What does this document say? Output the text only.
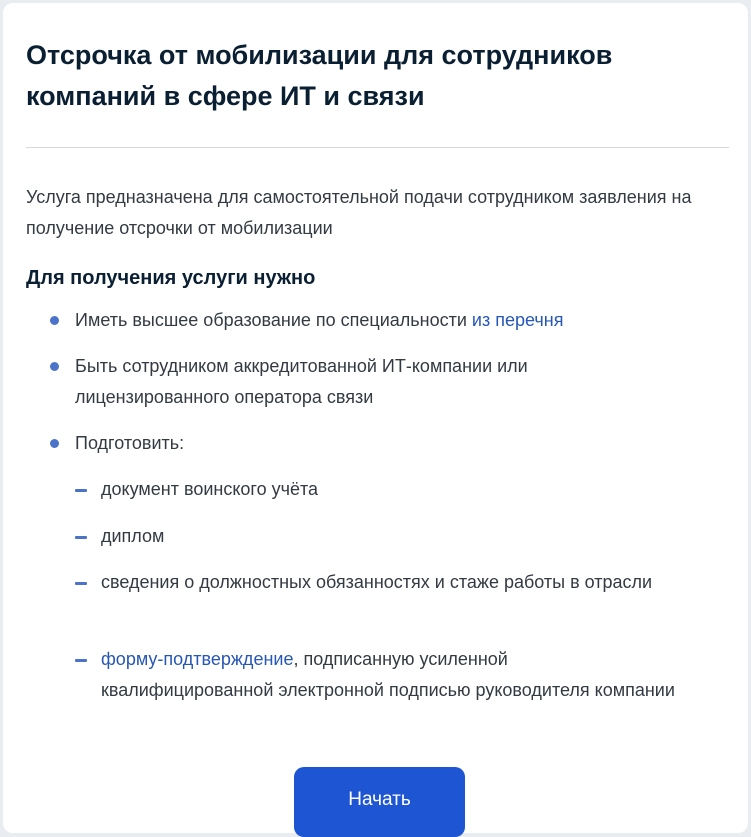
Отсрочка от мобилизации для сотрудников компаний в сфере ИТ и связи

Услуга предназначена для самостоятельной подачи сотрудником заявления на получение отсрочки от мобилизации

Для получения услуги нужно

Иметь высшее образование по специальности из перечня

Быть сотрудником аккредитованной ИТ-компании или лицензированного оператора связи

Подготовить:

документ воинского учёта

диплом

сведения о должностных обязанностях и стаже работы в отрасли

форму-подтверждение, подписанную усиленной квалифицированной электронной подписью руководителя компании

Начать
